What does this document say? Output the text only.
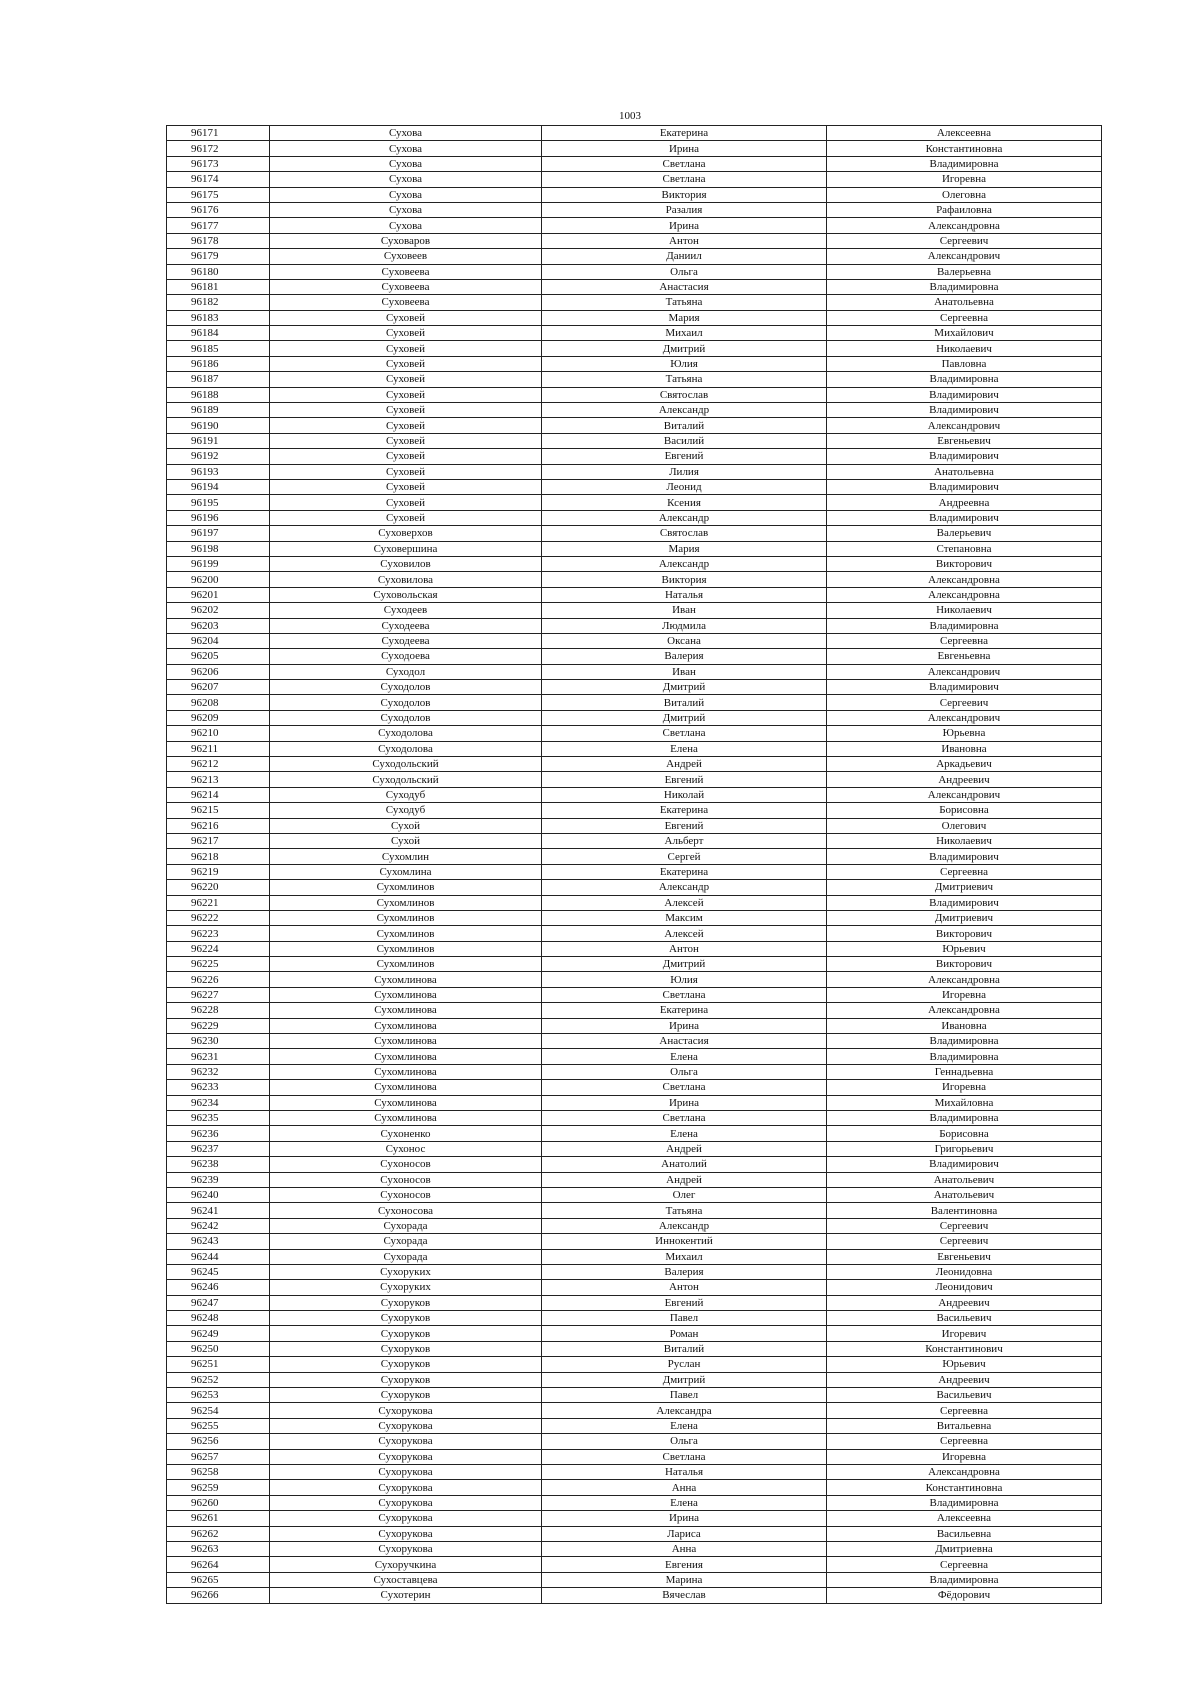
1003
96171	Сухова	Екатерина	Алексеевна
96172	Сухова	Ирина	Константиновна
96173	Сухова	Светлана	Владимировна
96174	Сухова	Светлана	Игоревна
96175	Сухова	Виктория	Олеговна
96176	Сухова	Разалия	Рафаиловна
96177	Сухова	Ирина	Александровна
96178	Суховаров	Антон	Сергеевич
96179	Суховеев	Даниил	Александрович
96180	Суховеева	Ольга	Валерьевна
96181	Суховеева	Анастасия	Владимировна
96182	Суховеева	Татьяна	Анатольевна
96183	Суховей	Мария	Сергеевна
96184	Суховей	Михаил	Михайлович
96185	Суховей	Дмитрий	Николаевич
96186	Суховей	Юлия	Павловна
96187	Суховей	Татьяна	Владимировна
96188	Суховей	Святослав	Владимирович
96189	Суховей	Александр	Владимирович
96190	Суховей	Виталий	Александрович
96191	Суховей	Василий	Евгеньевич
96192	Суховей	Евгений	Владимирович
96193	Суховей	Лилия	Анатольевна
96194	Суховей	Леонид	Владимирович
96195	Суховей	Ксения	Андреевна
96196	Суховей	Александр	Владимирович
96197	Суховерхов	Святослав	Валерьевич
96198	Суховершина	Мария	Степановна
96199	Суховилов	Александр	Викторович
96200	Суховилова	Виктория	Александровна
96201	Суховольская	Наталья	Александровна
96202	Суходеев	Иван	Николаевич
96203	Суходеева	Людмила	Владимировна
96204	Суходеева	Оксана	Сергеевна
96205	Суходоева	Валерия	Евгеньевна
96206	Суходол	Иван	Александрович
96207	Суходолов	Дмитрий	Владимирович
96208	Суходолов	Виталий	Сергеевич
96209	Суходолов	Дмитрий	Александрович
96210	Суходолова	Светлана	Юрьевна
96211	Суходолова	Елена	Ивановна
96212	Суходольский	Андрей	Аркадьевич
96213	Суходольский	Евгений	Андреевич
96214	Суходуб	Николай	Александрович
96215	Суходуб	Екатерина	Борисовна
96216	Сухой	Евгений	Олегович
96217	Сухой	Альберт	Николаевич
96218	Сухомлин	Сергей	Владимирович
96219	Сухомлина	Екатерина	Сергеевна
96220	Сухомлинов	Александр	Дмитриевич
96221	Сухомлинов	Алексей	Владимирович
96222	Сухомлинов	Максим	Дмитриевич
96223	Сухомлинов	Алексей	Викторович
96224	Сухомлинов	Антон	Юрьевич
96225	Сухомлинов	Дмитрий	Викторович
96226	Сухомлинова	Юлия	Александровна
96227	Сухомлинова	Светлана	Игоревна
96228	Сухомлинова	Екатерина	Александровна
96229	Сухомлинова	Ирина	Ивановна
96230	Сухомлинова	Анастасия	Владимировна
96231	Сухомлинова	Елена	Владимировна
96232	Сухомлинова	Ольга	Геннадьевна
96233	Сухомлинова	Светлана	Игоревна
96234	Сухомлинова	Ирина	Михайловна
96235	Сухомлинова	Светлана	Владимировна
96236	Сухоненко	Елена	Борисовна
96237	Сухонос	Андрей	Григорьевич
96238	Сухоносов	Анатолий	Владимирович
96239	Сухоносов	Андрей	Анатольевич
96240	Сухоносов	Олег	Анатольевич
96241	Сухоносова	Татьяна	Валентиновна
96242	Сухорада	Александр	Сергеевич
96243	Сухорада	Иннокентий	Сергеевич
96244	Сухорада	Михаил	Евгеньевич
96245	Сухоруких	Валерия	Леонидовна
96246	Сухоруких	Антон	Леонидович
96247	Сухоруков	Евгений	Андреевич
96248	Сухоруков	Павел	Васильевич
96249	Сухоруков	Роман	Игоревич
96250	Сухоруков	Виталий	Константинович
96251	Сухоруков	Руслан	Юрьевич
96252	Сухоруков	Дмитрий	Андреевич
96253	Сухоруков	Павел	Васильевич
96254	Сухорукова	Александра	Сергеевна
96255	Сухорукова	Елена	Витальевна
96256	Сухорукова	Ольга	Сергеевна
96257	Сухорукова	Светлана	Игоревна
96258	Сухорукова	Наталья	Александровна
96259	Сухорукова	Анна	Константиновна
96260	Сухорукова	Елена	Владимировна
96261	Сухорукова	Ирина	Алексеевна
96262	Сухорукова	Лариса	Васильевна
96263	Сухорукова	Анна	Дмитриевна
96264	Сухоручкина	Евгения	Сергеевна
96265	Сухоставцева	Марина	Владимировна
96266	Сухотерин	Вячеслав	Фёдорович
